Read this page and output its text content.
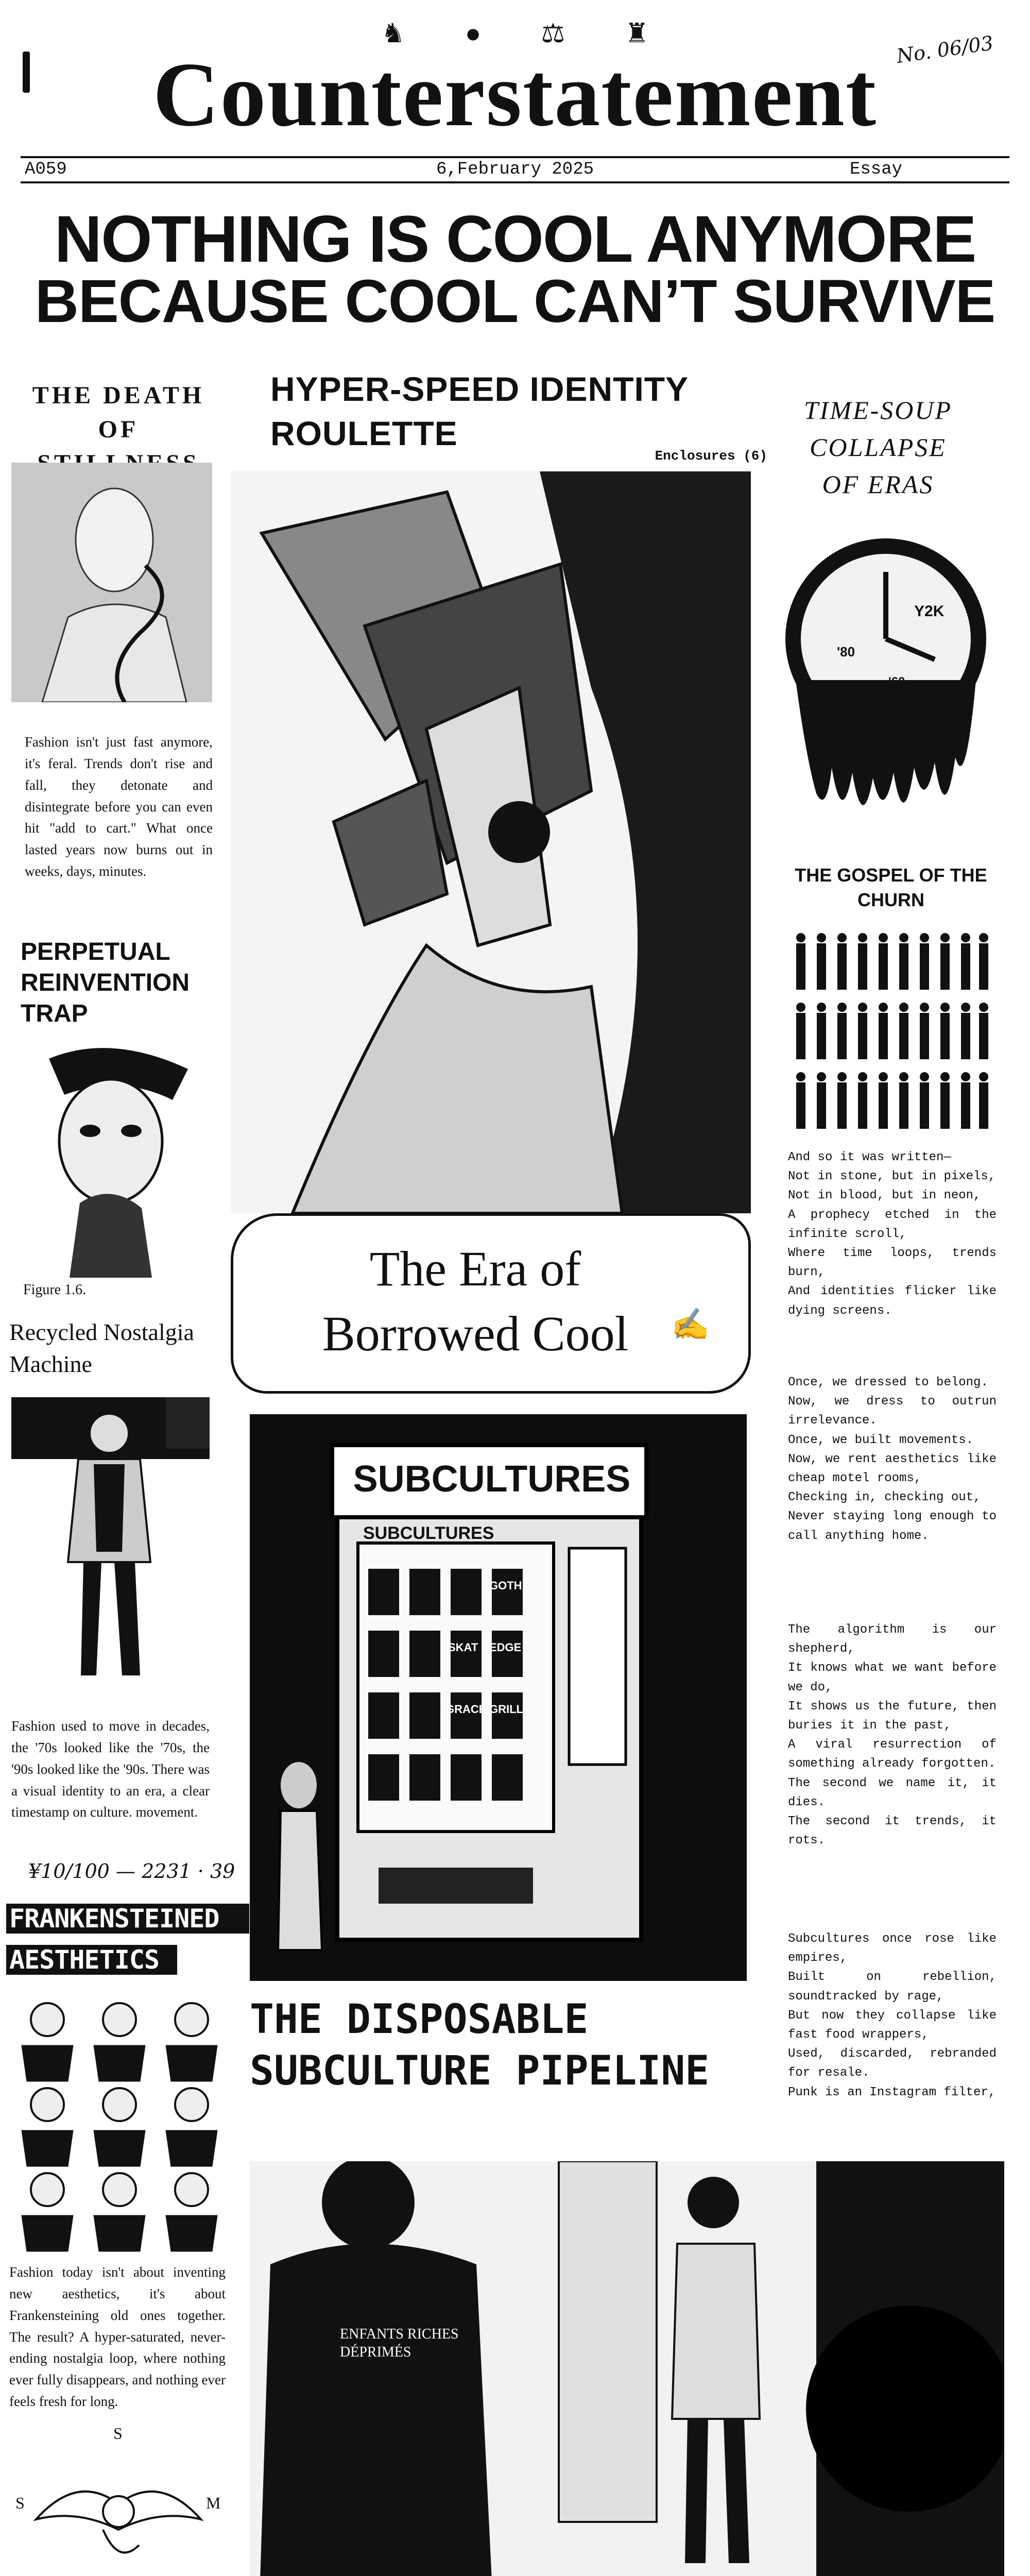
♞ ● ⚖ ♜
Counterstatement No. 06/03
A059	6,February 2025	Essay
NOTHING IS COOL ANYMORE
BECAUSE COOL CAN’T SURVIVE
THE DEATH OF
Fashion isn't just fast anymore, it's feral. Trends don't rise and fall, they detonate and disintegrate before you can even hit "add to cart." What once lasted years now burns out in weeks, days, minutes.
PERPETUAL REINVENTION TRAP
Figure 1.6.
Recycled Nostalgia Machine
Fashion used to move in decades, the '70s looked like the '70s, the '90s looked like the '90s. There was a visual identity to an era, a clear timestamp on culture. movement.
¥10/100 — 2231 · 39
FRANKENSTEINED
AESTHETICS
Fashion today isn't about inventing new aesthetics, it's about Frankensteining old ones together. The result? A hyper-saturated, never-ending nostalgia loop, where nothing ever fully disappears, and nothing ever feels fresh for long.
S
S	M
HYPER-SPEED IDENTITY ROULETTE
Enclosures (6)
The Era of Borrowed Cool	✍
SUBCULTURES
SUBCULTURES
GOTH
SKAT EDGE
GRACE GRILL
THE DISPOSABLE SUBCULTURE PIPELINE
ENFANTS RICHES
DÉPRIMÉS
TIME-SOUP COLLAPSE OF ERAS
Y2K
'80
'60
THE GOSPEL OF THE CHURN
And so it was written—
Not in stone, but in pixels,
Not in blood, but in neon,
A prophecy etched in the infinite scroll,
Where time loops, trends burn,
And identities flicker like dying screens.
Once, we dressed to belong.
Now, we dress to outrun irrelevance.
Once, we built movements.
Now, we rent aesthetics like cheap motel rooms,
Checking in, checking out,
Never staying long enough to call anything home.
The algorithm is our shepherd,
It knows what we want before we do,
It shows us the future, then buries it in the past,
A viral resurrection of something already forgotten.
The second we name it, it dies.
The second it trends, it rots.
Subcultures once rose like empires,
Built on rebellion, soundtracked by rage,
But now they collapse like fast food wrappers,
Used, discarded, rebranded for resale.
Punk is an Instagram filter,
